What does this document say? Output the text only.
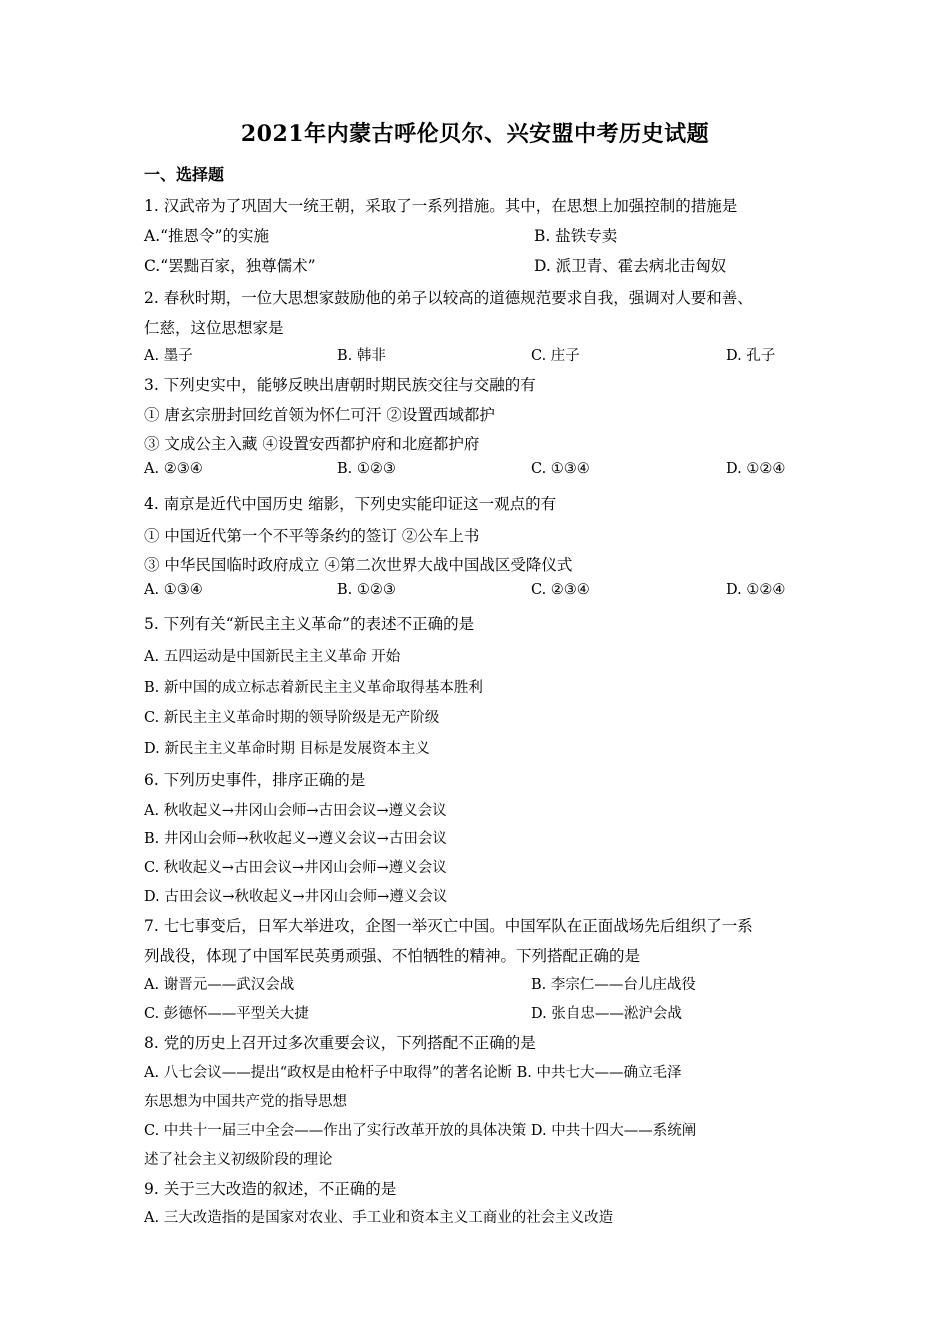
2021年内蒙古呼伦贝尔、兴安盟中考历史试题
一、选择题
1. 汉武帝为了巩固大一统王朝，采取了一系列措施。其中，在思想上加强控制的措施是
A.“推恩令”的实施	B. 盐铁专卖
C.“罢黜百家，独尊儒术”	D. 派卫青、霍去病北击匈奴
2. 春秋时期，一位大思想家鼓励他的弟子以较高的道德规范要求自我，强调对人要和善、
仁慈，这位思想家是
A. 墨子	B. 韩非	C. 庄子	D. 孔子
3. 下列史实中，能够反映出唐朝时期民族交往与交融的有
① 唐玄宗册封回纥首领为怀仁可汗 ②设置西域都护
③ 文成公主入藏 ④设置安西都护府和北庭都护府
A. ②③④	B. ①②③	C. ①③④	D. ①②④
4. 南京是近代中国历史 缩影，下列史实能印证这一观点的有
① 中国近代第一个不平等条约的签订 ②公车上书
③ 中华民国临时政府成立 ④第二次世界大战中国战区受降仪式
A. ①③④	B. ①②③	C. ②③④	D. ①②④
5. 下列有关“新民主主义革命”的表述不正确的是
A. 五四运动是中国新民主主义革命 开始
B. 新中国的成立标志着新民主主义革命取得基本胜利
C. 新民主主义革命时期的领导阶级是无产阶级
D. 新民主主义革命时期 目标是发展资本主义
6. 下列历史事件，排序正确的是
A. 秋收起义→井冈山会师→古田会议→遵义会议
B. 井冈山会师→秋收起义→遵义会议→古田会议
C. 秋收起义→古田会议→井冈山会师→遵义会议
D. 古田会议→秋收起义→井冈山会师→遵义会议
7. 七七事变后，日军大举进攻，企图一举灭亡中国。中国军队在正面战场先后组织了一系
列战役，体现了中国军民英勇顽强、不怕牺牲的精神。下列搭配正确的是
A. 谢晋元——武汉会战	B. 李宗仁——台儿庄战役
C. 彭德怀——平型关大捷	D. 张自忠——淞沪会战
8. 党的历史上召开过多次重要会议，下列搭配不正确的是
A. 八七会议——提出“政权是由枪杆子中取得”的著名论断 B. 中共七大——确立毛泽
东思想为中国共产党的指导思想
C. 中共十一届三中全会——作出了实行改革开放的具体决策 D. 中共十四大——系统阐
述了社会主义初级阶段的理论
9. 关于三大改造的叙述，不正确的是
A. 三大改造指的是国家对农业、手工业和资本主义工商业的社会主义改造
